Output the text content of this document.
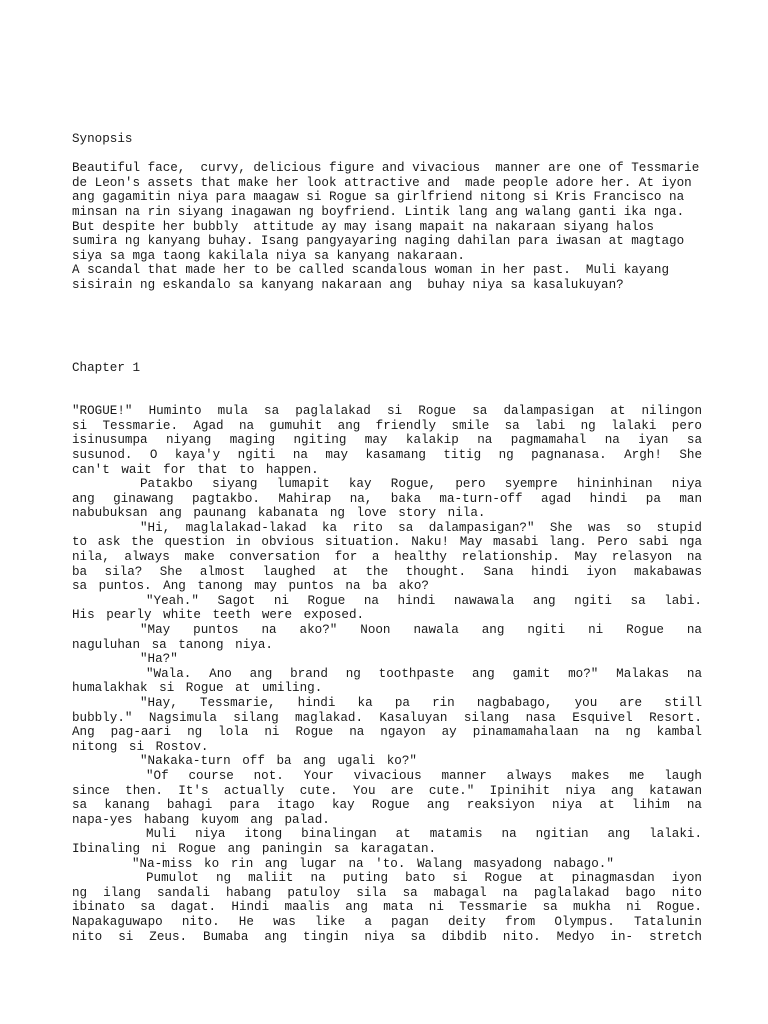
Synopsis
Beautiful face,  curvy, delicious figure and vivacious  manner are one of Tessmarie
de Leon's assets that make her look attractive and  made people adore her. At iyon
ang gagamitin niya para maagaw si Rogue sa girlfriend nitong si Kris Francisco na
minsan na rin siyang inagawan ng boyfriend. Lintik lang ang walang ganti ika nga.
But despite her bubbly  attitude ay may isang mapait na nakaraan siyang halos
sumira ng kanyang buhay. Isang pangyayaring naging dahilan para iwasan at magtago
siya sa mga taong kakilala niya sa kanyang nakaraan.
A scandal that made her to be called scandalous woman in her past.  Muli kayang
sisirain ng eskandalo sa kanyang nakaraan ang  buhay niya sa kasalukuyan?
Chapter 1
"ROGUE!" Huminto mula sa paglalakad si Rogue sa dalampasigan at nilingon
si Tessmarie. Agad na gumuhit ang friendly smile sa labi ng lalaki pero
isinusumpa niyang maging ngiting may kalakip na pagmamahal na iyan sa
susunod. O kaya'y ngiti na may kasamang titig ng pagnanasa. Argh! She
can't wait for that to happen.
Patakbo siyang lumapit kay Rogue, pero syempre hininhinan niya
ang ginawang pagtakbo. Mahirap na, baka ma-turn-off agad hindi pa man
nabubuksan ang paunang kabanata ng love story nila.
"Hi, maglalakad-lakad ka rito sa dalampasigan?" She was so stupid
to ask the question in obvious situation. Naku! May masabi lang. Pero sabi nga
nila, always make conversation for a healthy relationship. May relasyon na
ba sila? She almost laughed at the thought. Sana hindi iyon makabawas
sa puntos. Ang tanong may puntos na ba ako?
"Yeah." Sagot ni Rogue na hindi nawawala ang ngiti sa labi.
His pearly white teeth were exposed.
"May puntos na ako?" Noon nawala ang ngiti ni Rogue na
naguluhan sa tanong niya.
"Ha?"
"Wala. Ano ang brand ng toothpaste ang gamit mo?" Malakas na
humalakhak si Rogue at umiling.
"Hay, Tessmarie, hindi ka pa rin nagbabago, you are still
bubbly." Nagsimula silang maglakad. Kasaluyan silang nasa Esquivel Resort.
Ang pag-aari ng lola ni Rogue na ngayon ay pinamamahalaan na ng kambal
nitong si Rostov.
"Nakaka-turn off ba ang ugali ko?"
"Of course not. Your vivacious manner always makes me laugh
since then. It's actually cute. You are cute." Ipinihit niya ang katawan
sa kanang bahagi para itago kay Rogue ang reaksiyon niya at lihim na
napa-yes habang kuyom ang palad.
Muli niya itong binalingan at matamis na ngitian ang lalaki.
Ibinaling ni Rogue ang paningin sa karagatan.
"Na-miss ko rin ang lugar na 'to. Walang masyadong nabago."
Pumulot ng maliit na puting bato si Rogue at pinagmasdan iyon
ng ilang sandali habang patuloy sila sa mabagal na paglalakad bago nito
ibinato sa dagat. Hindi maalis ang mata ni Tessmarie sa mukha ni Rogue.
Napakaguwapo nito. He was like a pagan deity from Olympus. Tatalunin
nito si Zeus. Bumaba ang tingin niya sa dibdib nito. Medyo in- stretch
